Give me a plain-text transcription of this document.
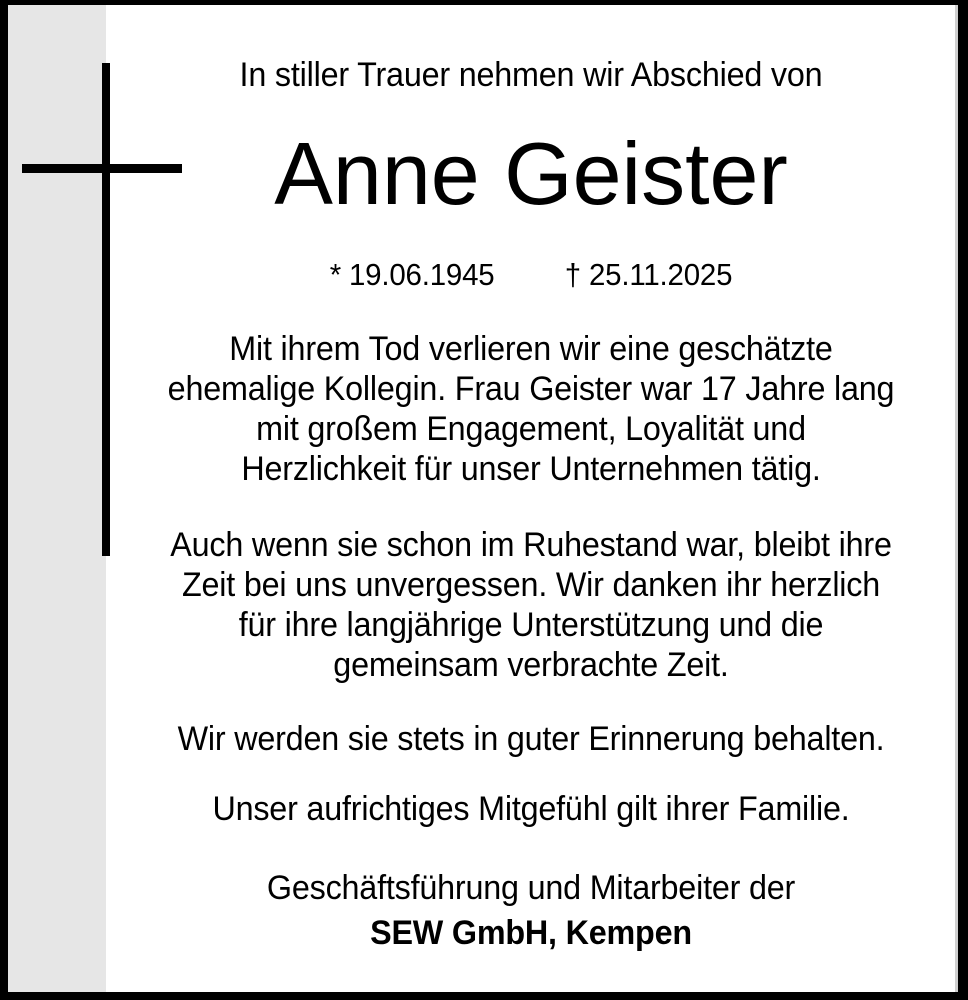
In stiller Trauer nehmen wir Abschied von
Anne Geister
* 19.06.1945 † 25.11.2025
Mit ihrem Tod verlieren wir eine geschätzte
ehemalige Kollegin. Frau Geister war 17 Jahre lang
mit großem Engagement, Loyalität und
Herzlichkeit für unser Unternehmen tätig.
Auch wenn sie schon im Ruhestand war, bleibt ihre
Zeit bei uns unvergessen. Wir danken ihr herzlich
für ihre langjährige Unterstützung und die
gemeinsam verbrachte Zeit.
Wir werden sie stets in guter Erinnerung behalten.
Unser aufrichtiges Mitgefühl gilt ihrer Familie.
Geschäftsführung und Mitarbeiter der
SEW GmbH, Kempen
